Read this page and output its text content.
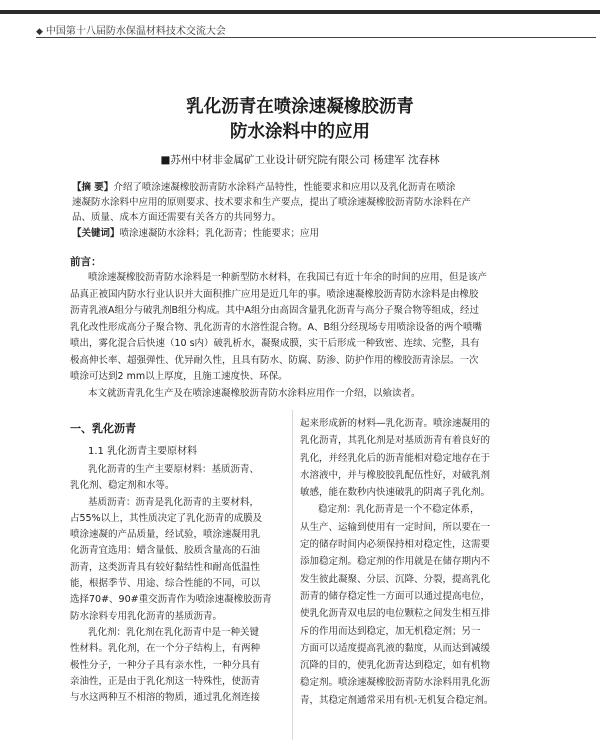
◆ 中国第十八届防水保温材料技术交流大会
乳化沥青在喷涂速凝橡胶沥青
防水涂料中的应用
■苏州中材非金属矿工业设计研究院有限公司 杨建军 沈春林
【摘 要】介绍了喷涂速凝橡胶沥青防水涂料产品特性，性能要求和应用以及乳化沥青在喷涂
速凝防水涂料中应用的原则要求、技术要求和生产要点，提出了喷涂速凝橡胶沥青防水涂料在产
品、质量、成本方面还需要有关各方的共同努力。
【关键词】喷涂速凝防水涂料；乳化沥青；性能要求；应用
前言：
喷涂速凝橡胶沥青防水涂料是一种新型防水材料，在我国已有近十年余的时间的应用，但是该产
品真正被国内防水行业认识并大面积推广应用是近几年的事。喷涂速凝橡胶沥青防水涂料是由橡胶
沥青乳液A组分与破乳剂B组分构成。其中A组分由高固含量乳化沥青与高分子聚合物等组成，经过
乳化改性形成高分子聚合物、乳化沥青的水溶性混合物。A、B组分经现场专用喷涂设备的两个喷嘴
喷出，雾化混合后快速（10 s内）破乳析水，凝聚成膜，实干后形成一种致密、连续、完整，具有
极高伸长率、超强弹性、优异耐久性，且具有防水、防腐、防渗、防护作用的橡胶沥青涂层。一次
喷涂可达到2 mm以上厚度，且施工速度快、环保。
本文就沥青乳化生产及在喷涂速凝橡胶沥青防水涂料应用作一介绍，以飨读者。
一、乳化沥青
1.1 乳化沥青主要原材料
乳化沥青的生产主要原材料：基质沥青、
乳化剂、稳定剂和水等。
基质沥青：沥青是乳化沥青的主要材料，
占55%以上，其性质决定了乳化沥青的成膜及
喷涂速凝的产品质量，经试验，喷涂速凝用乳
化沥青宜选用：蜡含量低、胶质含量高的石油
沥青，这类沥青具有较好黏结性和耐高低温性
能，根据季节、用途、综合性能的不同，可以
选择70#、90#重交沥青作为喷涂速凝橡胶沥青
防水涂料专用乳化沥青的基质沥青。
乳化剂：乳化剂在乳化沥青中是一种关键
性材料。乳化剂，在一个分子结构上，有两种
极性分子，一种分子具有亲水性，一种分具有
亲油性，正是由于乳化剂这一特殊性，使沥青
与水这两种互不相溶的物质，通过乳化剂连接
起来形成新的材料—乳化沥青。喷涂速凝用的
乳化沥青，其乳化剂是对基质沥青有着良好的
乳化，并经乳化后的沥青能相对稳定地存在于
水溶液中，并与橡胶胶乳配伍性好，对破乳剂
敏感，能在数秒内快速破乳的阴离子乳化剂。
稳定剂：乳化沥青是一个不稳定体系，
从生产、运输到使用有一定时间，所以要在一
定的储存时间内必须保持相对稳定性，这需要
添加稳定剂。稳定剂的作用就是在储存期内不
发生彼此凝聚、分层、沉降、分裂，提高乳化
沥青的储存稳定性一方面可以通过提高电位，
使乳化沥青双电层的电位颗粒之间发生相互排
斥的作用而达到稳定，加无机稳定剂；另一
方面可以适度提高乳液的黏度，从而达到减缓
沉降的目的，使乳化沥青达到稳定，如有机物
稳定剂。喷涂速凝橡胶沥青防水涂料用乳化沥
青，其稳定剂通常采用有机-无机复合稳定剂。
